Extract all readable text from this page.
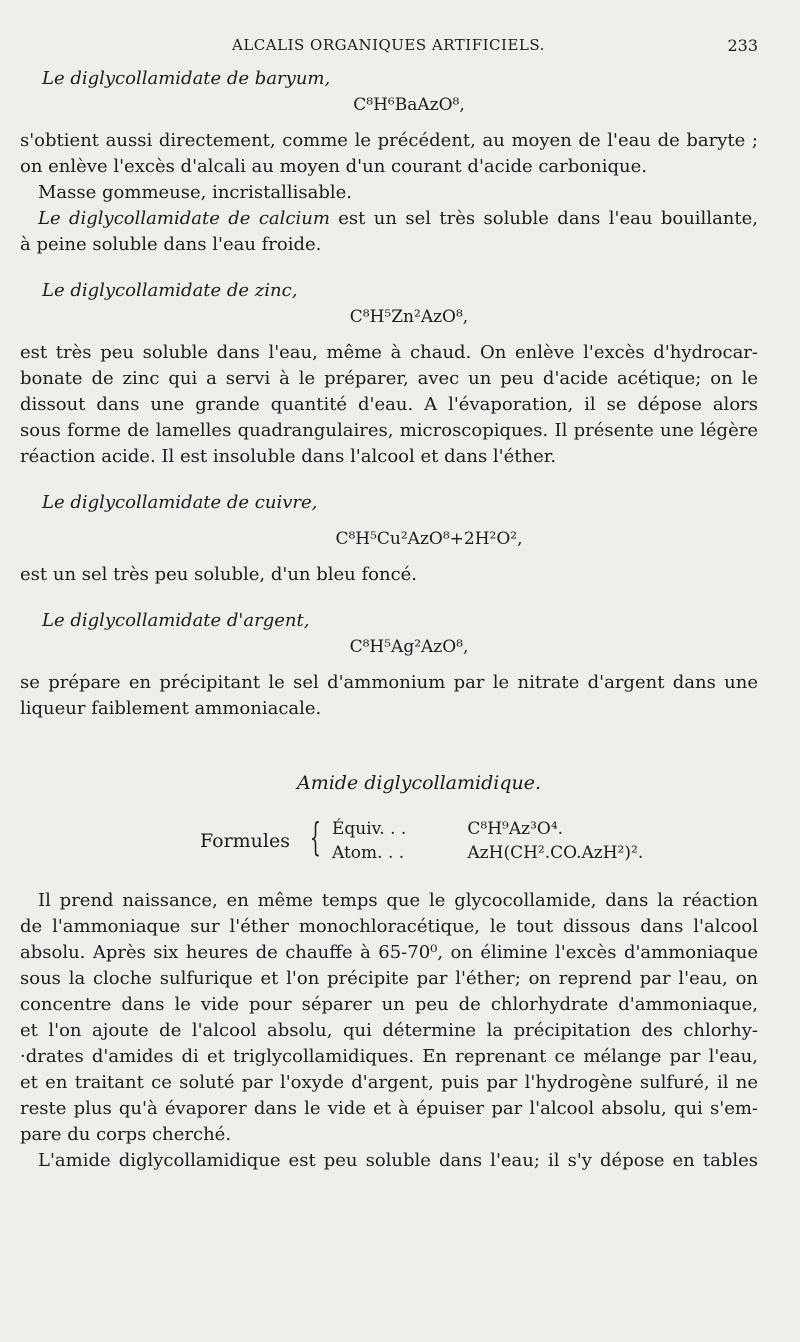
ALCALIS ORGANIQUES ARTIFICIELS.	233
Le diglycollamidate de baryum,
C⁸H⁶BaAzO⁸,
s'obtient aussi directement, comme le précédent, au moyen de l'eau de baryte ;
on enlève l'excès d'alcali au moyen d'un courant d'acide carbonique.
Masse gommeuse, incristallisable.
Le diglycollamidate de calcium est un sel très soluble dans l'eau bouillante,
à peine soluble dans l'eau froide.
Le diglycollamidate de zinc,
C⁸H⁵Zn²AzO⁸,
est très peu soluble dans l'eau, même à chaud. On enlève l'excès d'hydrocar-
bonate de zinc qui a servi à le préparer, avec un peu d'acide acétique; on le
dissout dans une grande quantité d'eau. A l'évaporation, il se dépose alors
sous forme de lamelles quadrangulaires, microscopiques. Il présente une légère
réaction acide. Il est insoluble dans l'alcool et dans l'éther.
Le diglycollamidate de cuivre,
C⁸H⁵Cu²AzO⁸+2H²O²,
est un sel très peu soluble, d'un bleu foncé.
Le diglycollamidate d'argent,
C⁸H⁵Ag²AzO⁸,
se prépare en précipitant le sel d'ammonium par le nitrate d'argent dans une
liqueur faiblement ammoniacale.
Amide diglycollamidique.
Formules { Équiv. . .	C⁸H⁹Az³O⁴.
Atom. . .	AzH(CH².CO.AzH²)².
Il prend naissance, en même temps que le glycocollamide, dans la réaction
de l'ammoniaque sur l'éther monochloracétique, le tout dissous dans l'alcool
absolu. Après six heures de chauffe à 65-70⁰, on élimine l'excès d'ammoniaque
sous la cloche sulfurique et l'on précipite par l'éther; on reprend par l'eau, on
concentre dans le vide pour séparer un peu de chlorhydrate d'ammoniaque,
et l'on ajoute de l'alcool absolu, qui détermine la précipitation des chlorhy-
·drates d'amides di et triglycollamidiques. En reprenant ce mélange par l'eau,
et en traitant ce soluté par l'oxyde d'argent, puis par l'hydrogène sulfuré, il ne
reste plus qu'à évaporer dans le vide et à épuiser par l'alcool absolu, qui s'em-
pare du corps cherché.
L'amide diglycollamidique est peu soluble dans l'eau; il s'y dépose en tables
